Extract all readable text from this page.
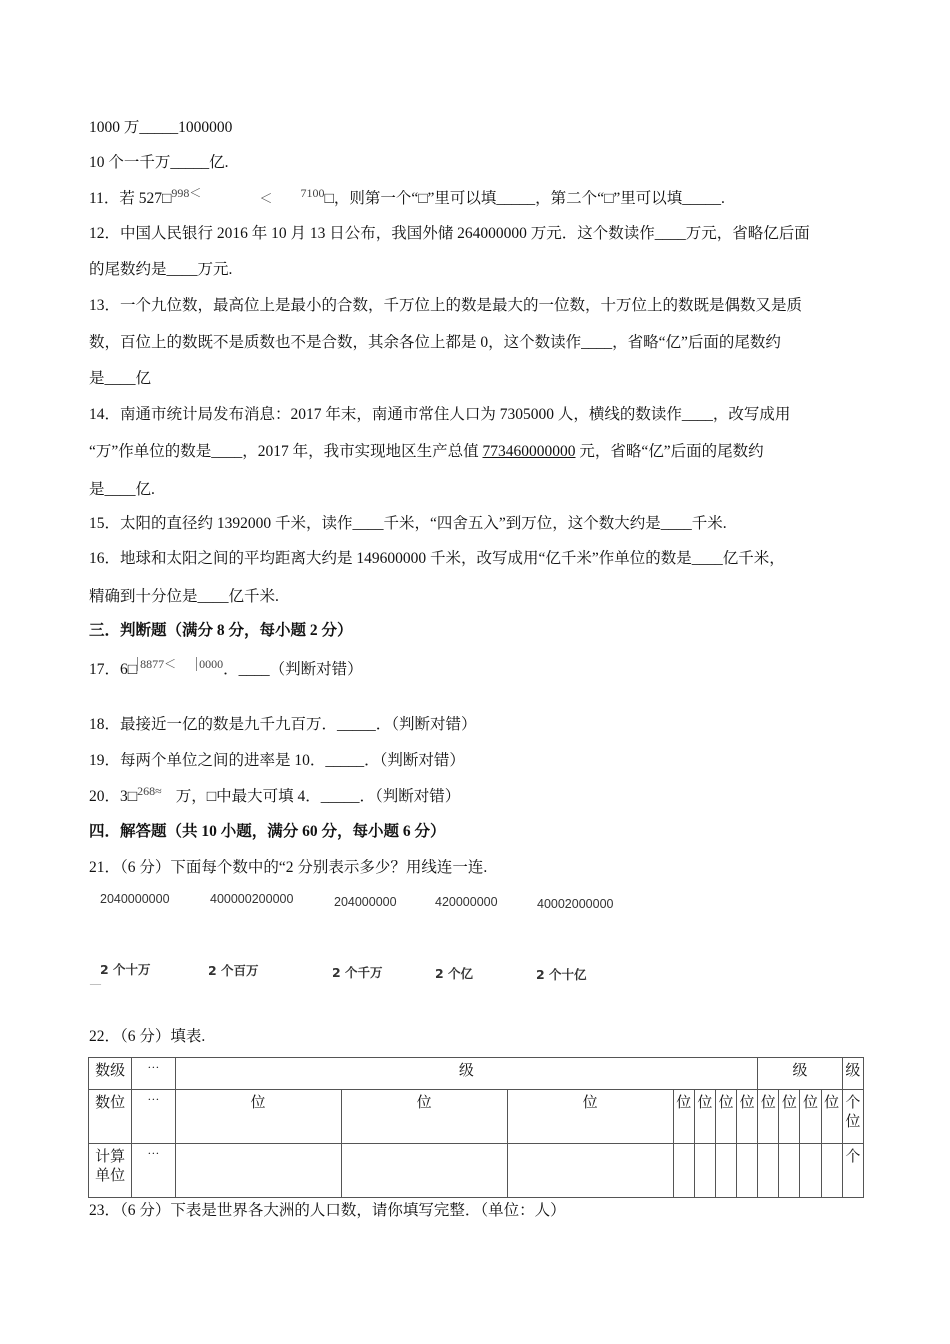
1000 万_____1000000
10 个一千万_____亿.
11．若 527□$^{998<}$	＜ $^{7100}$□，则第一个“□”里可以填_____，第二个“□”里可以填_____.
12．中国人民银行 2016 年 10 月 13 日公布，我国外储 264000000 万元．这个数读作____万元，省略亿后面
的尾数约是____万元.
13．一个九位数，最高位上是最小的合数，千万位上的数是最大的一位数，十万位上的数既是偶数又是质
数，百位上的数既不是质数也不是合数，其余各位上都是 0，这个数读作____，省略“亿”后面的尾数约
是____亿
14．南通市统计局发布消息：2017 年末，南通市常住人口为 7305000 人，横线的数读作____，改写成用
“万”作单位的数是____，2017 年，我市实现地区生产总值 773460000000 元，省略“亿”后面的尾数约
是____亿.
15．太阳的直径约 1392000 千米，读作____千米，“四舍五入”到万位，这个数大约是____千米.
16．地球和太阳之间的平均距离大约是 149600000 千米，改写成用“亿千米”作单位的数是____亿千米，
精确到十分位是____亿千米.
三．判断题（满分 8 分，每小题 2 分）
17．6□ $^{8877<}$ $^{0000}$．____（判断对错）
18．最接近一亿的数是九千九百万．_____．（判断对错）
19．每两个单位之间的进率是 10．_____．（判断对错）
20．3□$^{268\approx}$ 万，□中最大可填 4．_____．（判断对错）
四．解答题（共 10 小题，满分 60 分，每小题 6 分）
21．（6 分）下面每个数中的“2 分别表示多少？用线连一连.
2040000000	400000200000	204000000	420000000	40002000000
2 个十万	2 个百万	2 个千万	2 个亿	2 个十亿
—
22．（6 分）填表.
数级	…	级							级				级
数位	…	位	位	位	位	位	位	位	位	位	位	位	个位
计算单位	…												个
23．（6 分）下表是世界各大洲的人口数，请你填写完整．（单位：人）
